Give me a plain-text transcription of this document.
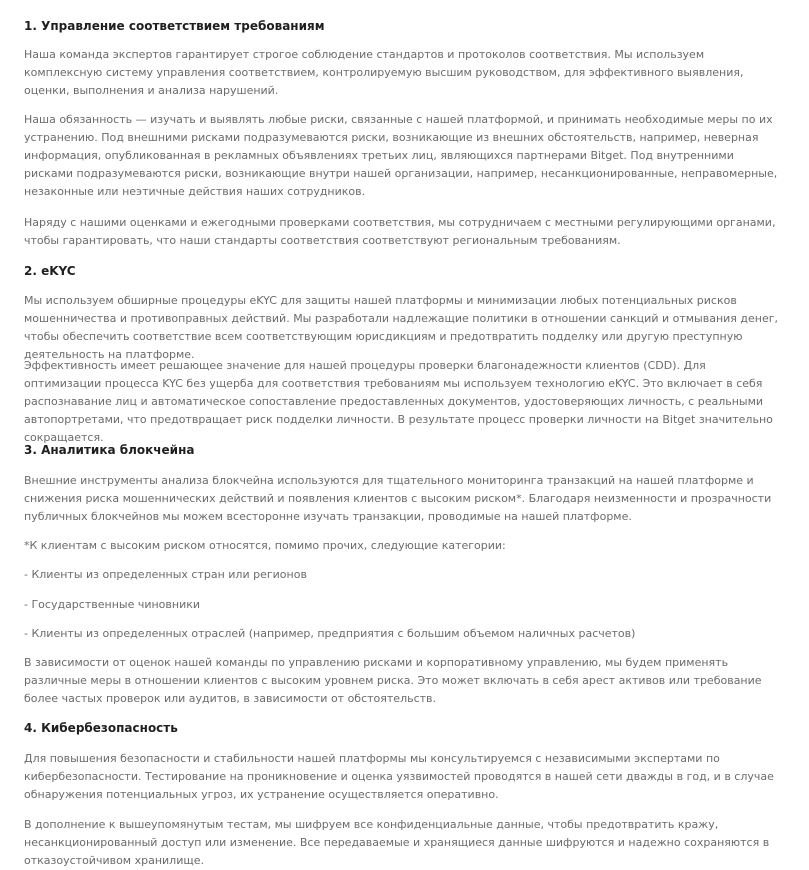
1. Управление соответствием требованиям

Наша команда экспертов гарантирует строгое соблюдение стандартов и протоколов соответствия. Мы используем комплексную систему управления соответствием, контролируемую высшим руководством, для эффективного выявления, оценки, выполнения и анализа нарушений.

Наша обязанность — изучать и выявлять любые риски, связанные с нашей платформой, и принимать необходимые меры по их устранению. Под внешними рисками подразумеваются риски, возникающие из внешних обстоятельств, например, неверная информация, опубликованная в рекламных объявлениях третьих лиц, являющихся партнерами Bitget. Под внутренними рисками подразумеваются риски, возникающие внутри нашей организации, например, несанкционированные, неправомерные, незаконные или неэтичные действия наших сотрудников.

Наряду с нашими оценками и ежегодными проверками соответствия, мы сотрудничаем с местными регулирующими органами, чтобы гарантировать, что наши стандарты соответствия соответствуют региональным требованиям.

2. eKYC

Мы используем обширные процедуры eKYC для защиты нашей платформы и минимизации любых потенциальных рисков мошенничества и противоправных действий. Мы разработали надлежащие политики в отношении санкций и отмывания денег, чтобы обеспечить соответствие всем соответствующим юрисдикциям и предотвратить подделку или другую преступную деятельность на платформе.

Эффективность имеет решающее значение для нашей процедуры проверки благонадежности клиентов (CDD). Для оптимизации процесса KYC без ущерба для соответствия требованиям мы используем технологию eKYC. Это включает в себя распознавание лиц и автоматическое сопоставление предоставленных документов, удостоверяющих личность, с реальными автопортретами, что предотвращает риск подделки личности. В результате процесс проверки личности на Bitget значительно сокращается.

3. Аналитика блокчейна

Внешние инструменты анализа блокчейна используются для тщательного мониторинга транзакций на нашей платформе и снижения риска мошеннических действий и появления клиентов с высоким риском*. Благодаря неизменности и прозрачности публичных блокчейнов мы можем всесторонне изучать транзакции, проводимые на нашей платформе.

*К клиентам с высоким риском относятся, помимо прочих, следующие категории:

- Клиенты из определенных стран или регионов

- Государственные чиновники

- Клиенты из определенных отраслей (например, предприятия с большим объемом наличных расчетов)

В зависимости от оценок нашей команды по управлению рисками и корпоративному управлению, мы будем применять различные меры в отношении клиентов с высоким уровнем риска. Это может включать в себя арест активов или требование более частых проверок или аудитов, в зависимости от обстоятельств.

4. Кибербезопасность

Для повышения безопасности и стабильности нашей платформы мы консультируемся с независимыми экспертами по кибербезопасности. Тестирование на проникновение и оценка уязвимостей проводятся в нашей сети дважды в год, и в случае обнаружения потенциальных угроз, их устранение осуществляется оперативно.

В дополнение к вышеупомянутым тестам, мы шифруем все конфиденциальные данные, чтобы предотвратить кражу, несанкционированный доступ или изменение. Все передаваемые и хранящиеся данные шифруются и надежно сохраняются в отказоустойчивом хранилище.
